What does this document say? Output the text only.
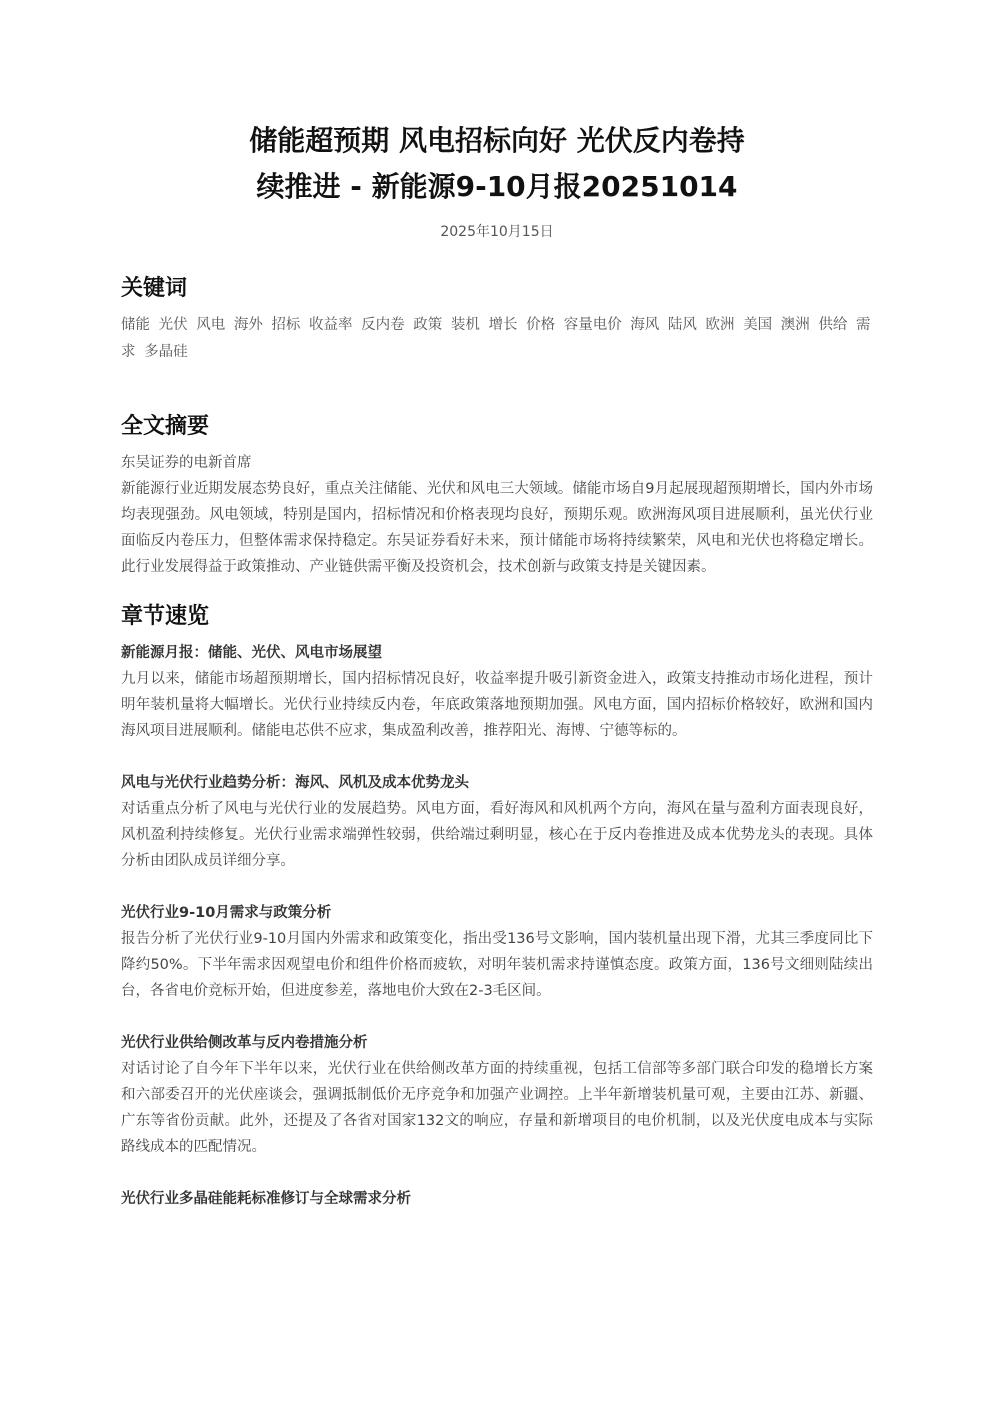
储能超预期 风电招标向好 光伏反内卷持
续推进 - 新能源9-10月报20251014
2025年10月15日
关键词
储能 光伏 风电 海外 招标 收益率 反内卷 政策 装机 增长 价格 容量电价 海风 陆风 欧洲 美国 澳洲 供给 需求 多晶硅
全文摘要
东吴证券的电新首席

新能源行业近期发展态势良好，重点关注储能、光伏和风电三大领域。储能市场自9月起展现超预期增长，国内外市场均表现强劲。风电领域，特别是国内，招标情况和价格表现均良好，预期乐观。欧洲海风项目进展顺利，虽光伏行业面临反内卷压力，但整体需求保持稳定。东吴证券看好未来，预计储能市场将持续繁荣，风电和光伏也将稳定增长。此行业发展得益于政策推动、产业链供需平衡及投资机会，技术创新与政策支持是关键因素。

章节速览
新能源月报：储能、光伏、风电市场展望

九月以来，储能市场超预期增长，国内招标情况良好，收益率提升吸引新资金进入，政策支持推动市场化进程，预计明年装机量将大幅增长。光伏行业持续反内卷，年底政策落地预期加强。风电方面，国内招标价格较好，欧洲和国内海风项目进展顺利。储能电芯供不应求，集成盈利改善，推荐阳光、海博、宁德等标的。

风电与光伏行业趋势分析：海风、风机及成本优势龙头

对话重点分析了风电与光伏行业的发展趋势。风电方面，看好海风和风机两个方向，海风在量与盈利方面表现良好，风机盈利持续修复。光伏行业需求端弹性较弱，供给端过剩明显，核心在于反内卷推进及成本优势龙头的表现。具体分析由团队成员详细分享。

光伏行业9-10月需求与政策分析

报告分析了光伏行业9-10月国内外需求和政策变化，指出受136号文影响，国内装机量出现下滑，尤其三季度同比下降约50%。下半年需求因观望电价和组件价格而疲软，对明年装机需求持谨慎态度。政策方面，136号文细则陆续出台，各省电价竞标开始，但进度参差，落地电价大致在2-3毛区间。

光伏行业供给侧改革与反内卷措施分析

对话讨论了自今年下半年以来，光伏行业在供给侧改革方面的持续重视，包括工信部等多部门联合印发的稳增长方案和六部委召开的光伏座谈会，强调抵制低价无序竞争和加强产业调控。上半年新增装机量可观，主要由江苏、新疆、广东等省份贡献。此外，还提及了各省对国家132文的响应，存量和新增项目的电价机制，以及光伏度电成本与实际路线成本的匹配情况。

光伏行业多晶硅能耗标准修订与全球需求分析
